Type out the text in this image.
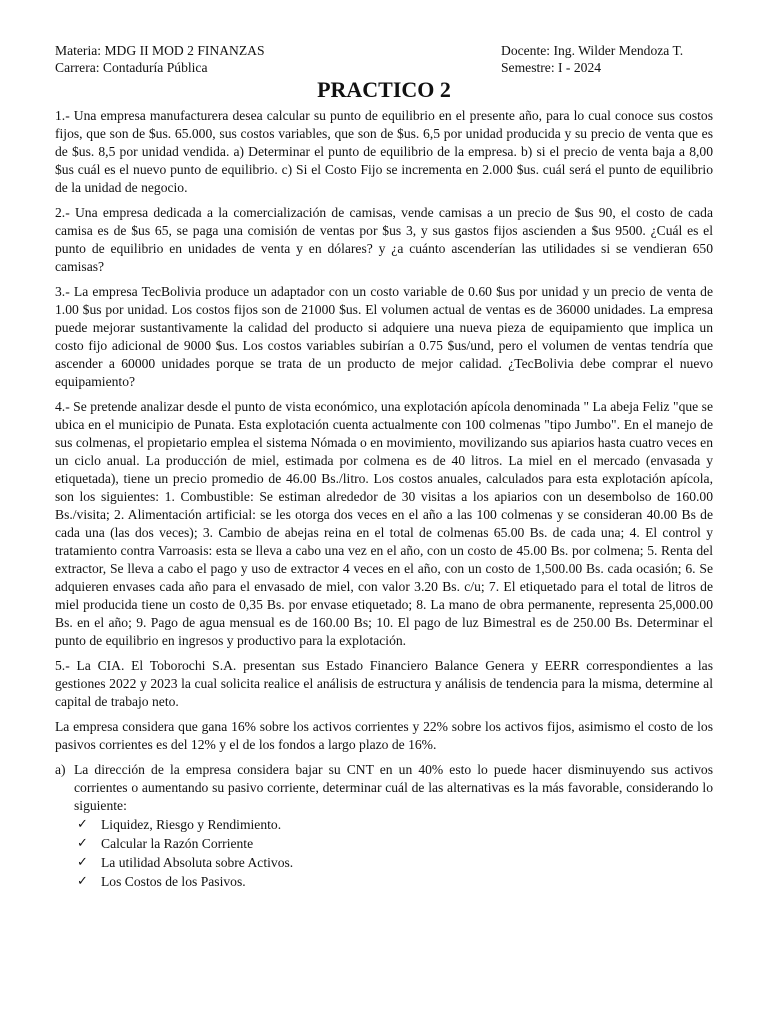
Materia: MDG II MOD 2 FINANZAS
Carrera: Contaduría Pública
Docente: Ing. Wilder Mendoza T.
Semestre: I - 2024
PRACTICO 2

1.- Una empresa manufacturera desea calcular su punto de equilibrio en el presente año, para lo cual conoce sus costos fijos, que son de $us. 65.000, sus costos variables, que son de $us. 6,5 por unidad producida y su precio de venta que es de $us. 8,5 por unidad vendida. a) Determinar el punto de equilibrio de la empresa. b) si el precio de venta baja a 8,00 $us cuál es el nuevo punto de equilibrio. c) Si el Costo Fijo se incrementa en 2.000 $us. cuál será el punto de equilibrio de la unidad de negocio.

2.- Una empresa dedicada a la comercialización de camisas, vende camisas a un precio de $us 90, el costo de cada camisa es de $us 65, se paga una comisión de ventas por $us 3, y sus gastos fijos ascienden a $us 9500. ¿Cuál es el punto de equilibrio en unidades de venta y en dólares? y ¿a cuánto ascenderían las utilidades si se vendieran 650 camisas?

3.- La empresa TecBolivia produce un adaptador con un costo variable de 0.60 $us por unidad y un precio de venta de 1.00 $us por unidad. Los costos fijos son de 21000 $us. El volumen actual de ventas es de 36000 unidades. La empresa puede mejorar sustantivamente la calidad del producto si adquiere una nueva pieza de equipamiento que implica un costo fijo adicional de 9000 $us. Los costos variables subirían a 0.75 $us/und, pero el volumen de ventas tendría que ascender a 60000 unidades porque se trata de un producto de mejor calidad. ¿TecBolivia debe comprar el nuevo equipamiento?

4.- Se pretende analizar desde el punto de vista económico, una explotación apícola denominada " La abeja Feliz "que se ubica en el municipio de Punata. Esta explotación cuenta actualmente con 100 colmenas "tipo Jumbo". En el manejo de sus colmenas, el propietario emplea el sistema Nómada o en movimiento, movilizando sus apiarios hasta cuatro veces en un ciclo anual. La producción de miel, estimada por colmena es de 40 litros. La miel en el mercado (envasada y etiquetada), tiene un precio promedio de 46.00 Bs./litro. Los costos anuales, calculados para esta explotación apícola, son los siguientes: 1. Combustible: Se estiman alrededor de 30 visitas a los apiarios con un desembolso de 160.00 Bs./visita; 2. Alimentación artificial: se les otorga dos veces en el año a las 100 colmenas y se consideran 40.00 Bs de cada una (las dos veces); 3. Cambio de abejas reina en el total de colmenas 65.00 Bs. de cada una; 4. El control y tratamiento contra Varroasis: esta se lleva a cabo una vez en el año, con un costo de 45.00 Bs. por colmena; 5. Renta del extractor, Se lleva a cabo el pago y uso de extractor 4 veces en el año, con un costo de 1,500.00 Bs. cada ocasión; 6. Se adquieren envases cada año para el envasado de miel, con valor 3.20 Bs. c/u; 7. El etiquetado para el total de litros de miel producida tiene un costo de 0,35 Bs. por envase etiquetado; 8. La mano de obra permanente, representa 25,000.00 Bs. en el año; 9. Pago de agua mensual es de 160.00 Bs; 10. El pago de luz Bimestral es de 250.00 Bs. Determinar el punto de equilibrio en ingresos y productivo para la explotación.

5.- La CIA. El Toborochi S.A. presentan sus Estado Financiero Balance Genera y EERR correspondientes a las gestiones 2022 y 2023 la cual solicita realice el análisis de estructura y análisis de tendencia para la misma, determine al capital de trabajo neto.

La empresa considera que gana 16% sobre los activos corrientes y 22% sobre los activos fijos, asimismo el costo de los pasivos corrientes es del 12% y el de los fondos a largo plazo de 16%.

a) La dirección de la empresa considera bajar su CNT en un 40% esto lo puede hacer disminuyendo sus activos corrientes o aumentando su pasivo corriente, determinar cuál de las alternativas es la más favorable, considerando lo siguiente:
✓ Liquidez, Riesgo y Rendimiento.
✓ Calcular la Razón Corriente
✓ La utilidad Absoluta sobre Activos.
✓ Los Costos de los Pasivos.
